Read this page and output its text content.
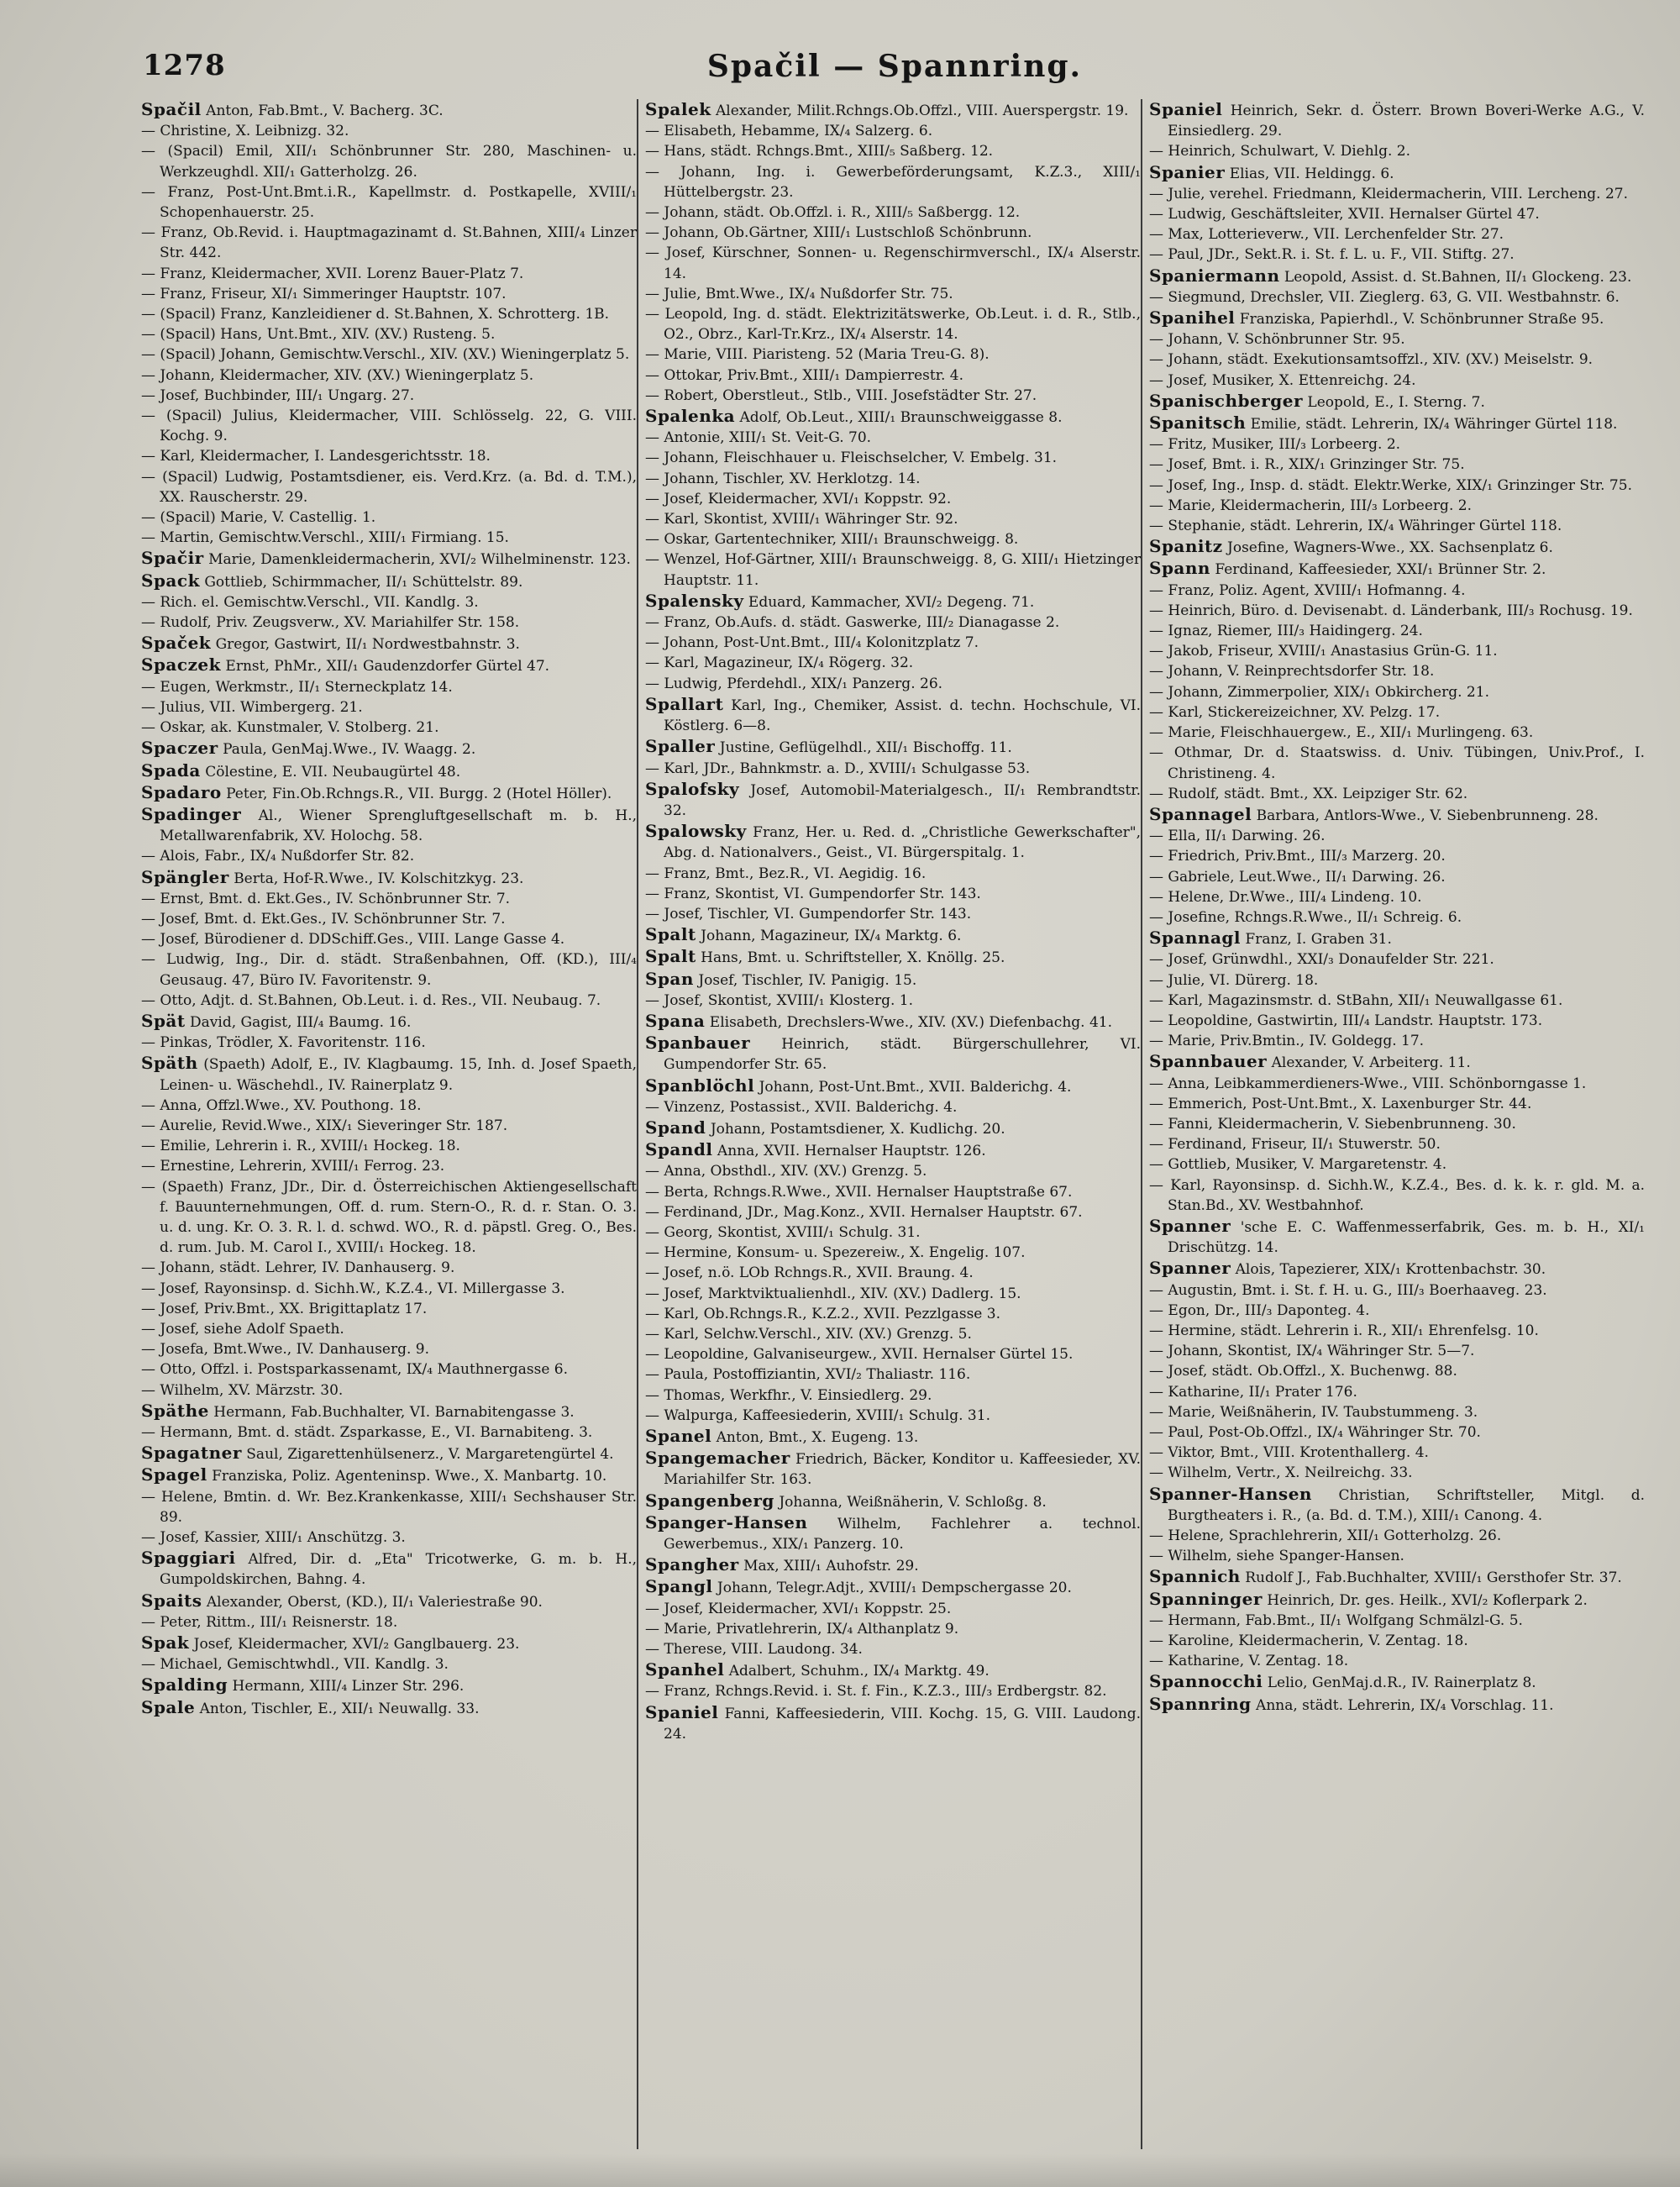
1278	Spačil — Spannring.
Spačil Anton, Fab.Bmt., V. Bacherg. 3C.
— Christine, X. Leibnizg. 32.
— (Spacil) Emil, XII/₁ Schönbrunner Str. 280, Maschinen- u. Werkzeughdl. XII/₁ Gatterholzg. 26.
— Franz, Post-Unt.Bmt.i.R., Kapellmstr. d. Postkapelle, XVIII/₁ Schopenhauerstr. 25.
— Franz, Ob.Revid. i. Hauptmagazinamt d. St.Bahnen, XIII/₄ Linzer Str. 442.
— Franz, Kleidermacher, XVII. Lorenz Bauer-Platz 7.
— Franz, Friseur, XI/₁ Simmeringer Hauptstr. 107.
— (Spacil) Franz, Kanzleidiener d. St.Bahnen, X. Schrotterg. 1B.
— (Spacil) Hans, Unt.Bmt., XIV. (XV.) Rusteng. 5.
— (Spacil) Johann, Gemischtw.Verschl., XIV. (XV.) Wieningerplatz 5.
— Johann, Kleidermacher, XIV. (XV.) Wieningerplatz 5.
— Josef, Buchbinder, III/₁ Ungarg. 27.
— (Spacil) Julius, Kleidermacher, VIII. Schlösselg. 22, G. VIII. Kochg. 9.
— Karl, Kleidermacher, I. Landesgerichtsstr. 18.
— (Spacil) Ludwig, Postamtsdiener, eis. Verd.Krz. (a. Bd. d. T.M.), XX. Rauscherstr. 29.
— (Spacil) Marie, V. Castellig. 1.
— Martin, Gemischtw.Verschl., XIII/₁ Firmiang. 15.
Spačir Marie, Damenkleidermacherin, XVI/₂ Wilhelminenstr. 123.
Spack Gottlieb, Schirmmacher, II/₁ Schüttelstr. 89.
— Rich. el. Gemischtw.Verschl., VII. Kandlg. 3.
— Rudolf, Priv. Zeugsverw., XV. Mariahilfer Str. 158.
Spaček Gregor, Gastwirt, II/₁ Nordwestbahnstr. 3.
Spaczek Ernst, PhMr., XII/₁ Gaudenzdorfer Gürtel 47.
— Eugen, Werkmstr., II/₁ Sterneckplatz 14.
— Julius, VII. Wimbergerg. 21.
— Oskar, ak. Kunstmaler, V. Stolberg. 21.
Spaczer Paula, GenMaj.Wwe., IV. Waagg. 2.
Spada Cölestine, E. VII. Neubaugürtel 48.
Spadaro Peter, Fin.Ob.Rchngs.R., VII. Burgg. 2 (Hotel Höller).
Spadinger Al., Wiener Sprengluftgesellschaft m. b. H., Metallwarenfabrik, XV. Holochg. 58.
— Alois, Fabr., IX/₄ Nußdorfer Str. 82.
Spängler Berta, Hof-R.Wwe., IV. Kolschitzkyg. 23.
— Ernst, Bmt. d. Ekt.Ges., IV. Schönbrunner Str. 7.
— Josef, Bmt. d. Ekt.Ges., IV. Schönbrunner Str. 7.
— Josef, Bürodiener d. DDSchiff.Ges., VIII. Lange Gasse 4.
— Ludwig, Ing., Dir. d. städt. Straßenbahnen, Off. (KD.), III/₄ Geusaug. 47, Büro IV. Favoritenstr. 9.
— Otto, Adjt. d. St.Bahnen, Ob.Leut. i. d. Res., VII. Neubaug. 7.
Spät David, Gagist, III/₄ Baumg. 16.
— Pinkas, Trödler, X. Favoritenstr. 116.
Späth (Spaeth) Adolf, E., IV. Klagbaumg. 15, Inh. d. Josef Spaeth, Leinen- u. Wäschehdl., IV. Rainerplatz 9.
— Anna, Offzl.Wwe., XV. Pouthong. 18.
— Aurelie, Revid.Wwe., XIX/₁ Sieveringer Str. 187.
— Emilie, Lehrerin i. R., XVIII/₁ Hockeg. 18.
— Ernestine, Lehrerin, XVIII/₁ Ferrog. 23.
— (Spaeth) Franz, JDr., Dir. d. Österreichischen Aktiengesellschaft f. Bauunternehmungen, Off. d. rum. Stern-O., R. d. r. Stan. O. 3. u. d. ung. Kr. O. 3. R. l. d. schwd. WO., R. d. päpstl. Greg. O., Bes. d. rum. Jub. M. Carol I., XVIII/₁ Hockeg. 18.
— Johann, städt. Lehrer, IV. Danhauserg. 9.
— Josef, Rayonsinsp. d. Sichh.W., K.Z.4., VI. Millergasse 3.
— Josef, Priv.Bmt., XX. Brigittaplatz 17.
— Josef, siehe Adolf Spaeth.
— Josefa, Bmt.Wwe., IV. Danhauserg. 9.
— Otto, Offzl. i. Postsparkassenamt, IX/₄ Mauthnergasse 6.
— Wilhelm, XV. Märzstr. 30.
Späthe Hermann, Fab.Buchhalter, VI. Barnabitengasse 3.
— Hermann, Bmt. d. städt. Zsparkasse, E., VI. Barnabiteng. 3.
Spagatner Saul, Zigarettenhülsenerz., V. Margaretengürtel 4.
Spagel Franziska, Poliz. Agenteninsp. Wwe., X. Manbartg. 10.
— Helene, Bmtin. d. Wr. Bez.Krankenkasse, XIII/₁ Sechshauser Str. 89.
— Josef, Kassier, XIII/₁ Anschützg. 3.
Spaggiari Alfred, Dir. d. „Eta" Tricotwerke, G. m. b. H., Gumpoldskirchen, Bahng. 4.
Spaits Alexander, Oberst, (KD.), II/₁ Valeriestraße 90.
— Peter, Rittm., III/₁ Reisnerstr. 18.
Spak Josef, Kleidermacher, XVI/₂ Ganglbauerg. 23.
— Michael, Gemischtwhdl., VII. Kandlg. 3.
Spalding Hermann, XIII/₄ Linzer Str. 296.
Spale Anton, Tischler, E., XII/₁ Neuwallg. 33.
Spalek Alexander, Milit.Rchngs.Ob.Offzl., VIII. Auerspergstr. 19.
— Elisabeth, Hebamme, IX/₄ Salzerg. 6.
— Hans, städt. Rchngs.Bmt., XIII/₅ Saßberg. 12.
— Johann, Ing. i. Gewerbeförderungsamt, K.Z.3., XIII/₁ Hüttelbergstr. 23.
— Johann, städt. Ob.Offzl. i. R., XIII/₅ Saßbergg. 12.
— Johann, Ob.Gärtner, XIII/₁ Lustschloß Schönbrunn.
— Josef, Kürschner, Sonnen- u. Regenschirmverschl., IX/₄ Alserstr. 14.
— Julie, Bmt.Wwe., IX/₄ Nußdorfer Str. 75.
— Leopold, Ing. d. städt. Elektrizitätswerke, Ob.Leut. i. d. R., Stlb., O2., Obrz., Karl-Tr.Krz., IX/₄ Alserstr. 14.
— Marie, VIII. Piaristeng. 52 (Maria Treu-G. 8).
— Ottokar, Priv.Bmt., XIII/₁ Dampierrestr. 4.
— Robert, Oberstleut., Stlb., VIII. Josefstädter Str. 27.
Spalenka Adolf, Ob.Leut., XIII/₁ Braunschweiggasse 8.
— Antonie, XIII/₁ St. Veit-G. 70.
— Johann, Fleischhauer u. Fleischselcher, V. Embelg. 31.
— Johann, Tischler, XV. Herklotzg. 14.
— Josef, Kleidermacher, XVI/₁ Koppstr. 92.
— Karl, Skontist, XVIII/₁ Währinger Str. 92.
— Oskar, Gartentechniker, XIII/₁ Braunschweigg. 8.
— Wenzel, Hof-Gärtner, XIII/₁ Braunschweigg. 8, G. XIII/₁ Hietzinger Hauptstr. 11.
Spalensky Eduard, Kammacher, XVI/₂ Degeng. 71.
— Franz, Ob.Aufs. d. städt. Gaswerke, III/₂ Dianagasse 2.
— Johann, Post-Unt.Bmt., III/₄ Kolonitzplatz 7.
— Karl, Magazineur, IX/₄ Rögerg. 32.
— Ludwig, Pferdehdl., XIX/₁ Panzerg. 26.
Spallart Karl, Ing., Chemiker, Assist. d. techn. Hochschule, VI. Köstlerg. 6—8.
Spaller Justine, Geflügelhdl., XII/₁ Bischoffg. 11.
— Karl, JDr., Bahnkmstr. a. D., XVIII/₁ Schulgasse 53.
Spalofsky Josef, Automobil-Materialgesch., II/₁ Rembrandtstr. 32.
Spalowsky Franz, Her. u. Red. d. „Christliche Gewerkschafter", Abg. d. Nationalvers., Geist., VI. Bürgerspitalg. 1.
— Franz, Bmt., Bez.R., VI. Aegidig. 16.
— Franz, Skontist, VI. Gumpendorfer Str. 143.
— Josef, Tischler, VI. Gumpendorfer Str. 143.
Spalt Johann, Magazineur, IX/₄ Marktg. 6.
Spalt Hans, Bmt. u. Schriftsteller, X. Knöllg. 25.
Span Josef, Tischler, IV. Panigig. 15.
— Josef, Skontist, XVIII/₁ Klosterg. 1.
Spana Elisabeth, Drechslers-Wwe., XIV. (XV.) Diefenbachg. 41.
Spanbauer Heinrich, städt. Bürgerschullehrer, VI. Gumpendorfer Str. 65.
Spanblöchl Johann, Post-Unt.Bmt., XVII. Balderichg. 4.
— Vinzenz, Postassist., XVII. Balderichg. 4.
Spand Johann, Postamtsdiener, X. Kudlichg. 20.
Spandl Anna, XVII. Hernalser Hauptstr. 126.
— Anna, Obsthdl., XIV. (XV.) Grenzg. 5.
— Berta, Rchngs.R.Wwe., XVII. Hernalser Hauptstraße 67.
— Ferdinand, JDr., Mag.Konz., XVII. Hernalser Hauptstr. 67.
— Georg, Skontist, XVIII/₁ Schulg. 31.
— Hermine, Konsum- u. Spezereiw., X. Engelig. 107.
— Josef, n.ö. LOb Rchngs.R., XVII. Braung. 4.
— Josef, Marktviktualienhdl., XIV. (XV.) Dadlerg. 15.
— Karl, Ob.Rchngs.R., K.Z.2., XVII. Pezzlgasse 3.
— Karl, Selchw.Verschl., XIV. (XV.) Grenzg. 5.
— Leopoldine, Galvaniseurgew., XVII. Hernalser Gürtel 15.
— Paula, Postoffiziantin, XVI/₂ Thaliastr. 116.
— Thomas, Werkfhr., V. Einsiedlerg. 29.
— Walpurga, Kaffeesiederin, XVIII/₁ Schulg. 31.
Spanel Anton, Bmt., X. Eugeng. 13.
Spangemacher Friedrich, Bäcker, Konditor u. Kaffeesieder, XV. Mariahilfer Str. 163.
Spangenberg Johanna, Weißnäherin, V. Schloßg. 8.
Spanger-Hansen Wilhelm, Fachlehrer a. technol. Gewerbemus., XIX/₁ Panzerg. 10.
Spangher Max, XIII/₁ Auhofstr. 29.
Spangl Johann, Telegr.Adjt., XVIII/₁ Dempschergasse 20.
— Josef, Kleidermacher, XVI/₁ Koppstr. 25.
— Marie, Privatlehrerin, IX/₄ Althanplatz 9.
— Therese, VIII. Laudong. 34.
Spanhel Adalbert, Schuhm., IX/₄ Marktg. 49.
— Franz, Rchngs.Revid. i. St. f. Fin., K.Z.3., III/₃ Erdbergstr. 82.
Spaniel Fanni, Kaffeesiederin, VIII. Kochg. 15, G. VIII. Laudong. 24.
Spaniel Heinrich, Sekr. d. Österr. Brown Boveri-Werke A.G., V. Einsiedlerg. 29.
— Heinrich, Schulwart, V. Diehlg. 2.
Spanier Elias, VII. Heldingg. 6.
— Julie, verehel. Friedmann, Kleidermacherin, VIII. Lercheng. 27.
— Ludwig, Geschäftsleiter, XVII. Hernalser Gürtel 47.
— Max, Lotterieverw., VII. Lerchenfelder Str. 27.
— Paul, JDr., Sekt.R. i. St. f. L. u. F., VII. Stiftg. 27.
Spaniermann Leopold, Assist. d. St.Bahnen, II/₁ Glockeng. 23.
— Siegmund, Drechsler, VII. Zieglerg. 63, G. VII. Westbahnstr. 6.
Spanihel Franziska, Papierhdl., V. Schönbrunner Straße 95.
— Johann, V. Schönbrunner Str. 95.
— Johann, städt. Exekutionsamtsoffzl., XIV. (XV.) Meiselstr. 9.
— Josef, Musiker, X. Ettenreichg. 24.
Spanischberger Leopold, E., I. Sterng. 7.
Spanitsch Emilie, städt. Lehrerin, IX/₄ Währinger Gürtel 118.
— Fritz, Musiker, III/₃ Lorbeerg. 2.
— Josef, Bmt. i. R., XIX/₁ Grinzinger Str. 75.
— Josef, Ing., Insp. d. städt. Elektr.Werke, XIX/₁ Grinzinger Str. 75.
— Marie, Kleidermacherin, III/₃ Lorbeerg. 2.
— Stephanie, städt. Lehrerin, IX/₄ Währinger Gürtel 118.
Spanitz Josefine, Wagners-Wwe., XX. Sachsenplatz 6.
Spann Ferdinand, Kaffeesieder, XXI/₁ Brünner Str. 2.
— Franz, Poliz. Agent, XVIII/₁ Hofmanng. 4.
— Heinrich, Büro. d. Devisenabt. d. Länderbank, III/₃ Rochusg. 19.
— Ignaz, Riemer, III/₃ Haidingerg. 24.
— Jakob, Friseur, XVIII/₁ Anastasius Grün-G. 11.
— Johann, V. Reinprechtsdorfer Str. 18.
— Johann, Zimmerpolier, XIX/₁ Obkircherg. 21.
— Karl, Stickereizeichner, XV. Pelzg. 17.
— Marie, Fleischhauergew., E., XII/₁ Murlingeng. 63.
— Othmar, Dr. d. Staatswiss. d. Univ. Tübingen, Univ.Prof., I. Christineng. 4.
— Rudolf, städt. Bmt., XX. Leipziger Str. 62.
Spannagel Barbara, Antlors-Wwe., V. Siebenbrunneng. 28.
— Ella, II/₁ Darwing. 26.
— Friedrich, Priv.Bmt., III/₃ Marzerg. 20.
— Gabriele, Leut.Wwe., II/₁ Darwing. 26.
— Helene, Dr.Wwe., III/₄ Lindeng. 10.
— Josefine, Rchngs.R.Wwe., II/₁ Schreig. 6.
Spannagl Franz, I. Graben 31.
— Josef, Grünwdhl., XXI/₃ Donaufelder Str. 221.
— Julie, VI. Dürerg. 18.
— Karl, Magazinsmstr. d. StBahn, XII/₁ Neuwallgasse 61.
— Leopoldine, Gastwirtin, III/₄ Landstr. Hauptstr. 173.
— Marie, Priv.Bmtin., IV. Goldegg. 17.
Spannbauer Alexander, V. Arbeiterg. 11.
— Anna, Leibkammerdieners-Wwe., VIII. Schönborngasse 1.
— Emmerich, Post-Unt.Bmt., X. Laxenburger Str. 44.
— Fanni, Kleidermacherin, V. Siebenbrunneng. 30.
— Ferdinand, Friseur, II/₁ Stuwerstr. 50.
— Gottlieb, Musiker, V. Margaretenstr. 4.
— Karl, Rayonsinsp. d. Sichh.W., K.Z.4., Bes. d. k. k. r. gld. M. a. Stan.Bd., XV. Westbahnhof.
Spanner 'sche E. C. Waffenmesserfabrik, Ges. m. b. H., XI/₁ Drischützg. 14.
Spanner Alois, Tapezierer, XIX/₁ Krottenbachstr. 30.
— Augustin, Bmt. i. St. f. H. u. G., III/₃ Boerhaaveg. 23.
— Egon, Dr., III/₃ Daponteg. 4.
— Hermine, städt. Lehrerin i. R., XII/₁ Ehrenfelsg. 10.
— Johann, Skontist, IX/₄ Währinger Str. 5—7.
— Josef, städt. Ob.Offzl., X. Buchenwg. 88.
— Katharine, II/₁ Prater 176.
— Marie, Weißnäherin, IV. Taubstummeng. 3.
— Paul, Post-Ob.Offzl., IX/₄ Währinger Str. 70.
— Viktor, Bmt., VIII. Krotenthallerg. 4.
— Wilhelm, Vertr., X. Neilreichg. 33.
Spanner-Hansen Christian, Schriftsteller, Mitgl. d. Burgtheaters i. R., (a. Bd. d. T.M.), XIII/₁ Canong. 4.
— Helene, Sprachlehrerin, XII/₁ Gotterholzg. 26.
— Wilhelm, siehe Spanger-Hansen.
Spannich Rudolf J., Fab.Buchhalter, XVIII/₁ Gersthofer Str. 37.
Spanninger Heinrich, Dr. ges. Heilk., XVI/₂ Koflerpark 2.
— Hermann, Fab.Bmt., II/₁ Wolfgang Schmälzl-G. 5.
— Karoline, Kleidermacherin, V. Zentag. 18.
— Katharine, V. Zentag. 18.
Spannocchi Lelio, GenMaj.d.R., IV. Rainerplatz 8.
Spannring Anna, städt. Lehrerin, IX/₄ Vorschlag. 11.
